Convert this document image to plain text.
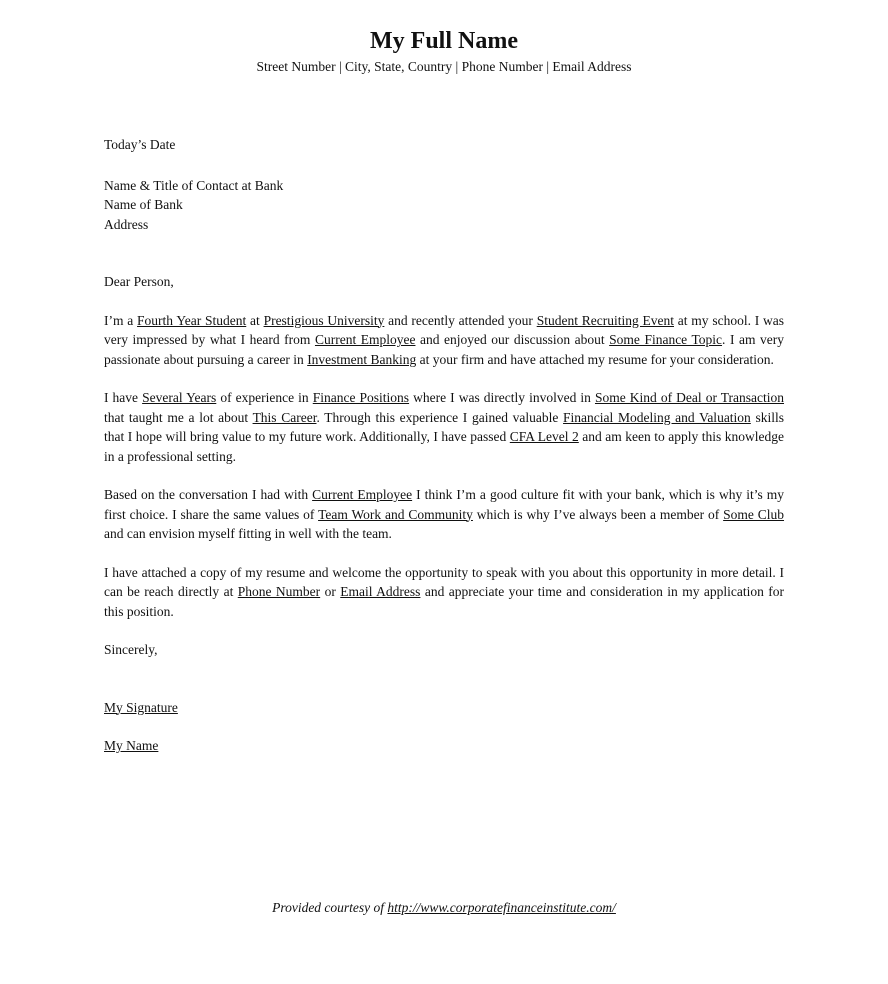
My Full Name
Street Number | City, State, Country | Phone Number | Email Address

Today’s Date

Name & Title of Contact at Bank

Name of Bank

Address

Dear Person,

I’m a Fourth Year Student at Prestigious University and recently attended your Student Recruiting Event at my school. I was very impressed by what I heard from Current Employee and enjoyed our discussion about Some Finance Topic. I am very passionate about pursuing a career in Investment Banking at your firm and have attached my resume for your consideration.

I have Several Years of experience in Finance Positions where I was directly involved in Some Kind of Deal or Transaction that taught me a lot about This Career. Through this experience I gained valuable Financial Modeling and Valuation skills that I hope will bring value to my future work. Additionally, I have passed CFA Level 2 and am keen to apply this knowledge in a professional setting.

Based on the conversation I had with Current Employee I think I’m a good culture fit with your bank, which is why it’s my first choice. I share the same values of Team Work and Community which is why I’ve always been a member of Some Club and can envision myself fitting in well with the team.

I have attached a copy of my resume and welcome the opportunity to speak with you about this opportunity in more detail. I can be reach directly at Phone Number or Email Address and appreciate your time and consideration in my application for this position.

Sincerely,

My Signature

My Name

Provided courtesy of http://www.corporatefinanceinstitute.com/
